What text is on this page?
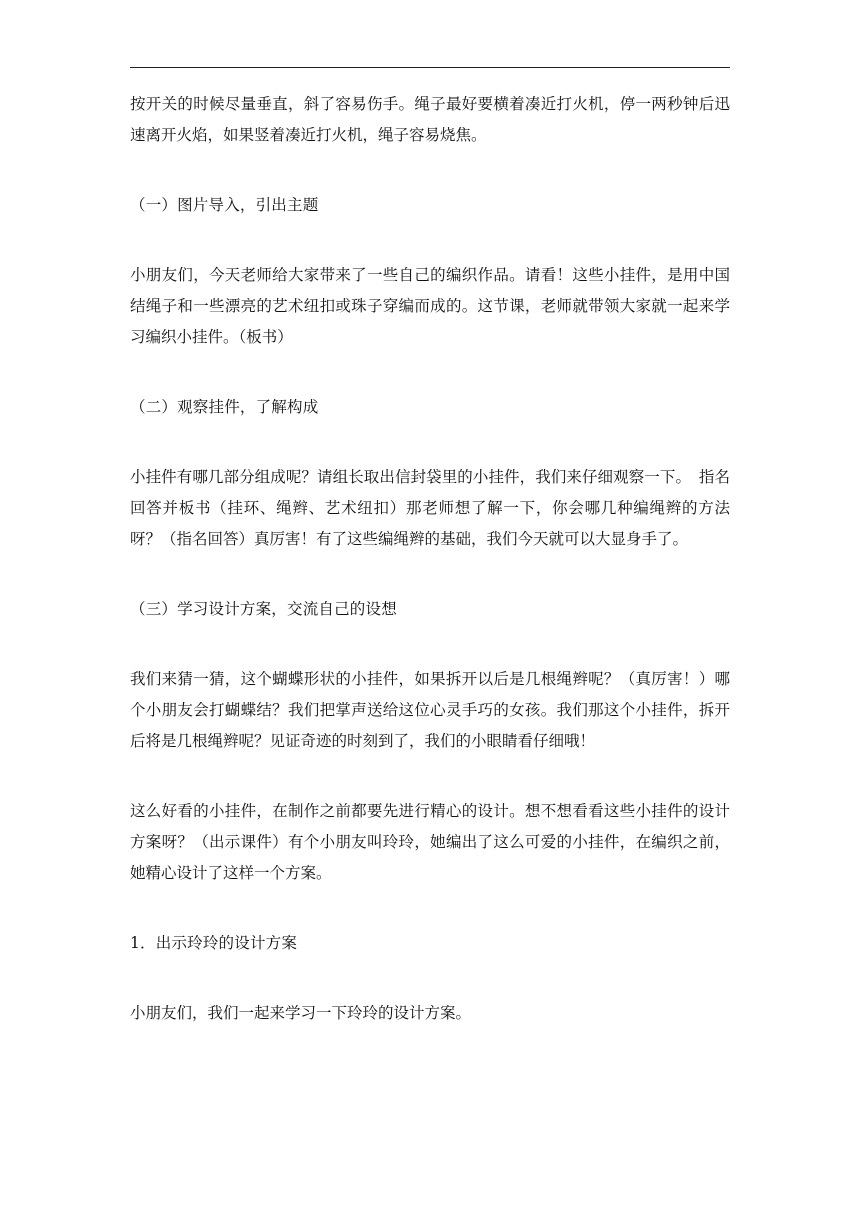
按开关的时候尽量垂直，斜了容易伤手。绳子最好要横着凑近打火机，停一两秒钟后迅速离开火焰，如果竖着凑近打火机，绳子容易烧焦。

（一）图片导入，引出主题

小朋友们，今天老师给大家带来了一些自己的编织作品。请看！这些小挂件，是用中国结绳子和一些漂亮的艺术纽扣或珠子穿编而成的。这节课，老师就带领大家就一起来学习编织小挂件。（板书）

（二）观察挂件，了解构成

小挂件有哪几部分组成呢？请组长取出信封袋里的小挂件，我们来仔细观察一下。　指名回答并板书（挂环、绳辫、艺术纽扣）那老师想了解一下，你会哪几种编绳辫的方法呀？（指名回答）真厉害！有了这些编绳辫的基础，我们今天就可以大显身手了。

（三）学习设计方案，交流自己的设想

我们来猜一猜，这个蝴蝶形状的小挂件，如果拆开以后是几根绳辫呢？（真厉害！）哪个小朋友会打蝴蝶结？我们把掌声送给这位心灵手巧的女孩。我们那这个小挂件，拆开后将是几根绳辫呢？见证奇迹的时刻到了，我们的小眼睛看仔细哦！

这么好看的小挂件，在制作之前都要先进行精心的设计。想不想看看这些小挂件的设计方案呀？（出示课件）有个小朋友叫玲玲，她编出了这么可爱的小挂件，在编织之前，她精心设计了这样一个方案。

1．出示玲玲的设计方案

小朋友们，我们一起来学习一下玲玲的设计方案。
